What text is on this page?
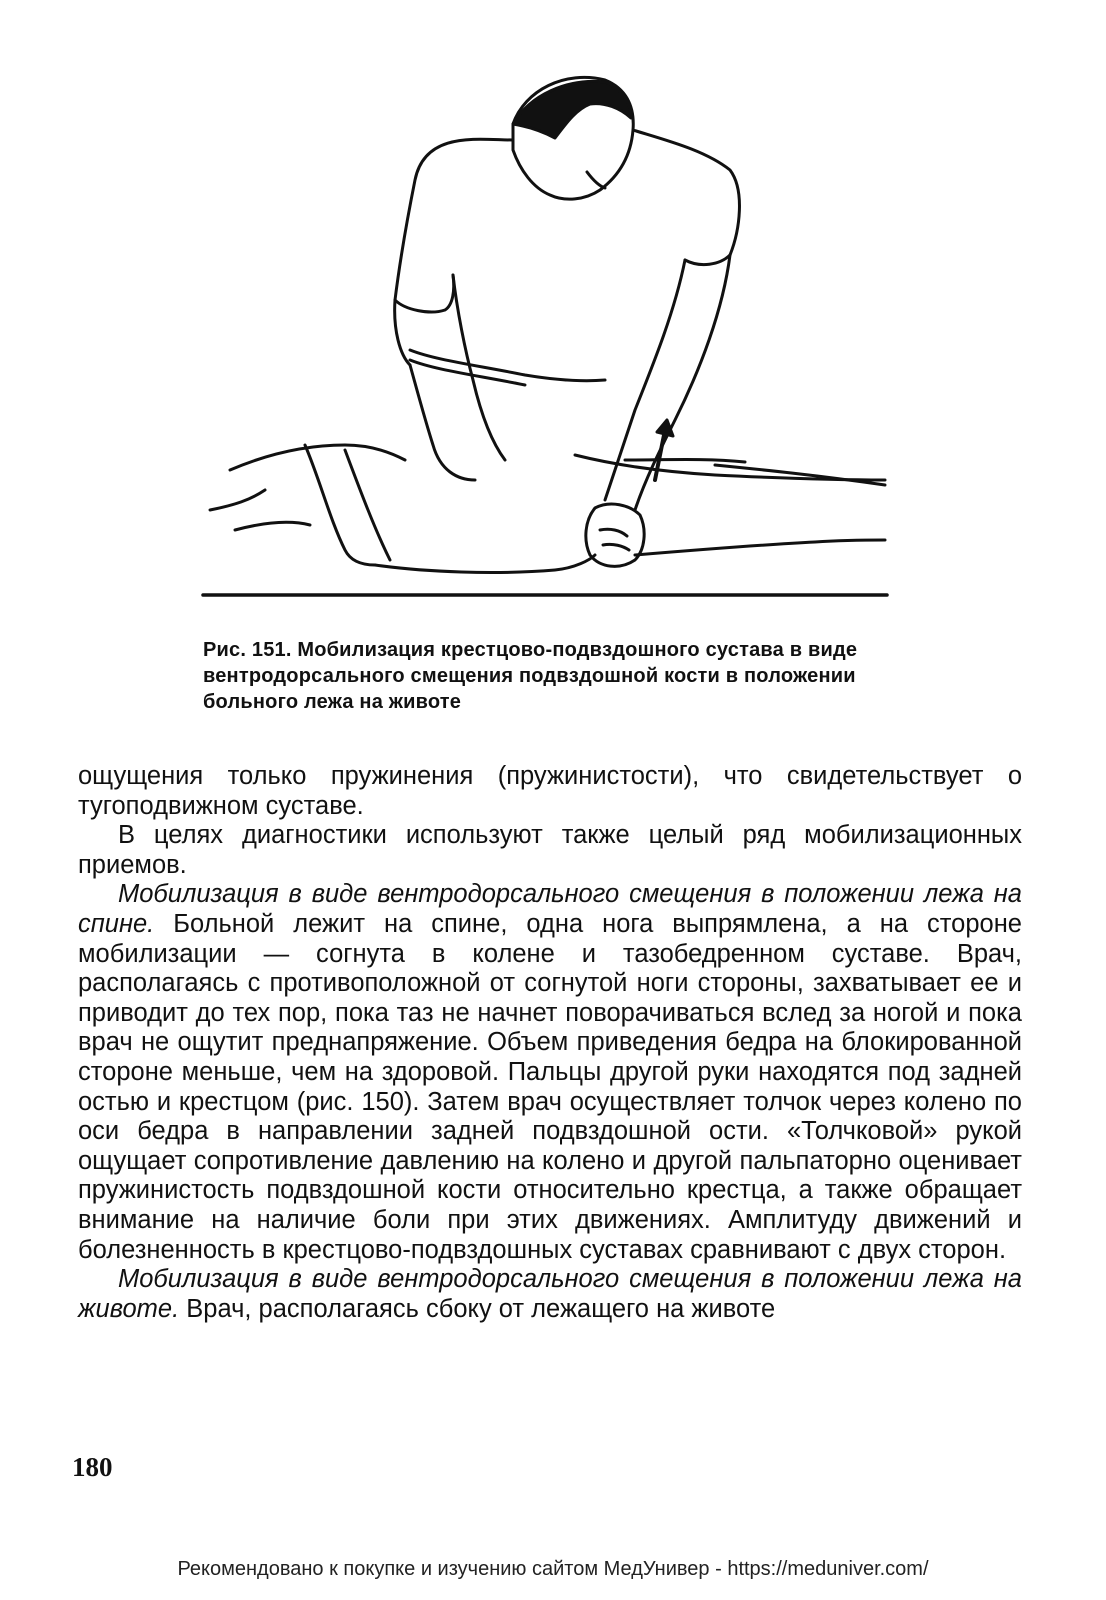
Рис. 151. Мобилизация крестцово-подвздошного сустава в виде вентродорсального смещения подвздошной кости в положении больного лежа на животе

ощущения только пружинения (пружинистости), что свидетельствует о тугоподвижном суставе.

В целях диагностики используют также целый ряд мобилизационных приемов.

Мобилизация в виде вентродорсального смещения в положении лежа на спине. Больной лежит на спине, одна нога выпрямлена, а на стороне мобилизации — согнута в колене и тазобедренном суставе. Врач, располагаясь с противоположной от согнутой ноги стороны, захватывает ее и приводит до тех пор, пока таз не начнет поворачиваться вслед за ногой и пока врач не ощутит преднапряжение. Объем приведения бедра на блокированной стороне меньше, чем на здоровой. Пальцы другой руки находятся под задней остью и крестцом (рис. 150). Затем врач осуществляет толчок через колено по оси бедра в направлении задней подвздошной ости. «Толчковой» рукой ощущает сопротивление давлению на колено и другой пальпаторно оценивает пружинистость подвздошной кости относительно крестца, а также обращает внимание на наличие боли при этих движениях. Амплитуду движений и болезненность в крестцово-подвздошных суставах сравнивают с двух сторон.

Мобилизация в виде вентродорсального смещения в положении лежа на животе. Врач, располагаясь сбоку от лежащего на животе

180
Рекомендовано к покупке и изучению сайтом МедУнивер - https://meduniver.com/
